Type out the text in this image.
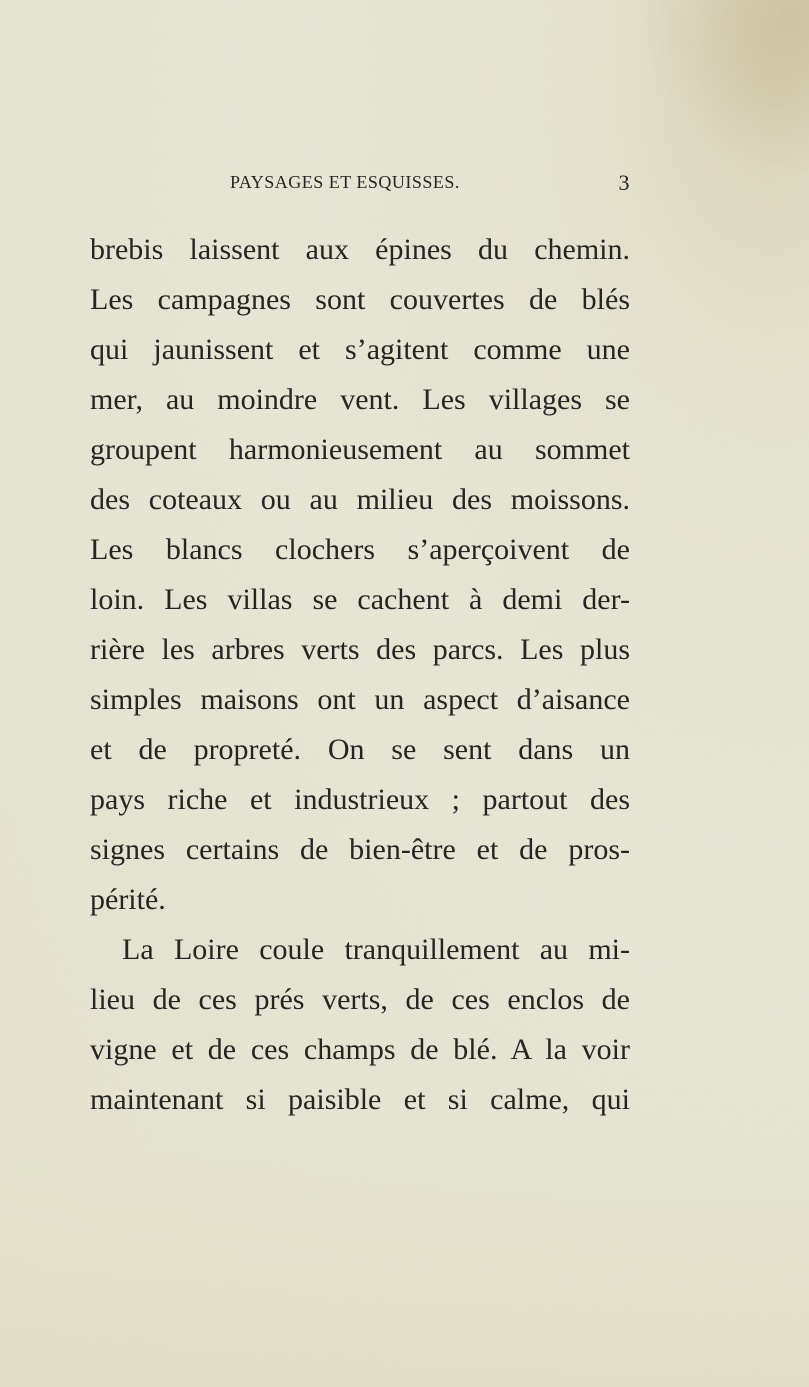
PAYSAGES ET ESQUISSES.	3
brebis laissent aux épines du chemin.
Les campagnes sont couvertes de blés
qui jaunissent et s’agitent comme une
mer, au moindre vent. Les villages se
groupent harmonieusement au sommet
des coteaux ou au milieu des moissons.
Les blancs clochers s’aperçoivent de
loin. Les villas se cachent à demi der-
rière les arbres verts des parcs. Les plus
simples maisons ont un aspect d’aisance
et de propreté. On se sent dans un
pays riche et industrieux ; partout des
signes certains de bien-être et de pros-
périté.
La Loire coule tranquillement au mi-
lieu de ces prés verts, de ces enclos de
vigne et de ces champs de blé. A la voir
maintenant si paisible et si calme, qui
